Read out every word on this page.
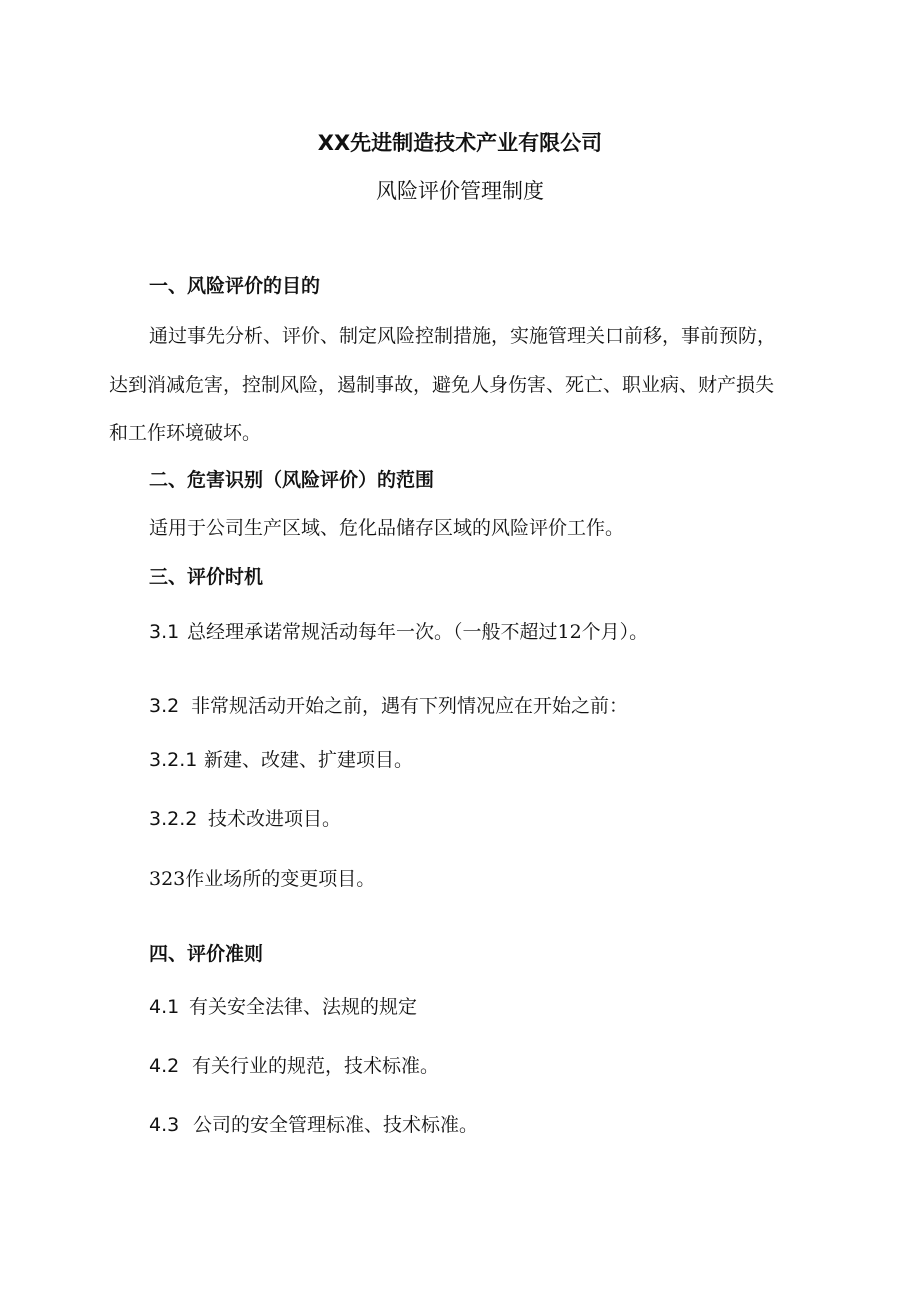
XX先进制造技术产业有限公司
风险评价管理制度
一、风险评价的目的
通过事先分析、评价、制定风险控制措施，实施管理关口前移，事前预防，
达到消减危害，控制风险，遏制事故，避免人身伤害、死亡、职业病、财产损失
和工作环境破坏。
二、危害识别（风险评价）的范围
适用于公司生产区域、危化品储存区域的风险评价工作。
三、评价时机
3.1 总经理承诺常规活动每年一次。（一般不超过12个月）。
3.2 非常规活动开始之前，遇有下列情况应在开始之前：
3.2.1 新建、改建、扩建项目。
3.2.2 技术改进项目。
323作业场所的变更项目。
四、评价准则
4.1 有关安全法律、法规的规定
4.2 有关行业的规范，技术标准。
4.3 公司的安全管理标准、技术标准。
